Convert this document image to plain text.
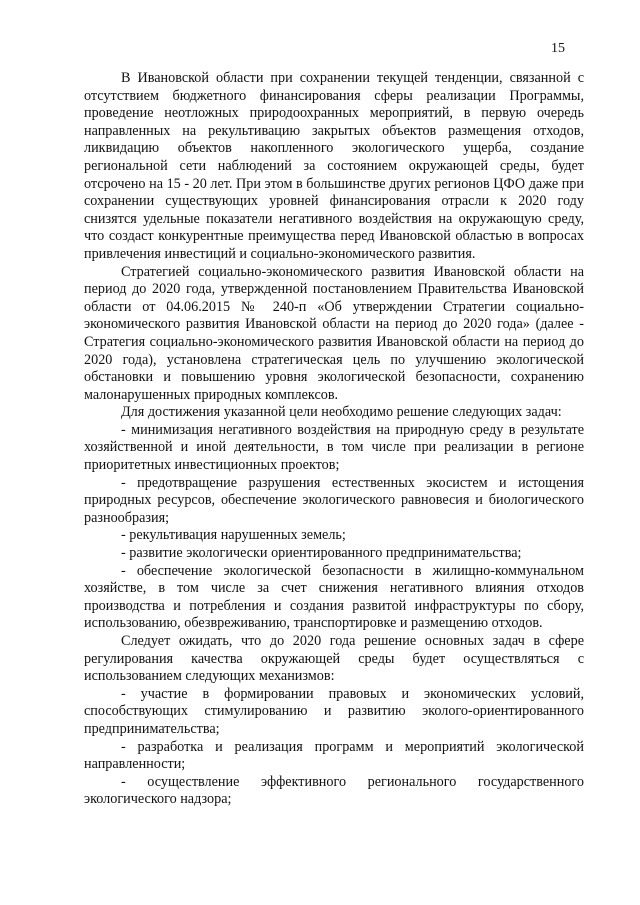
15

В Ивановской области при сохранении текущей тенденции, связанной с отсутствием бюджетного финансирования сферы реализации Программы, проведение неотложных природоохранных мероприятий, в первую очередь направленных на рекультивацию закрытых объектов размещения отходов, ликвидацию объектов накопленного экологического ущерба, создание региональной сети наблюдений за состоянием окружающей среды, будет отсрочено на 15 - 20 лет. При этом в большинстве других регионов ЦФО даже при сохранении существующих уровней финансирования отрасли к 2020 году снизятся удельные показатели негативного воздействия на окружающую среду, что создаст конкурентные преимущества перед Ивановской областью в вопросах привлечения инвестиций и социально-экономического развития.

Стратегией социально-экономического развития Ивановской области на период до 2020 года, утвержденной постановлением Правительства Ивановской области от 04.06.2015 № 240-п «Об утверждении Стратегии социально-экономического развития Ивановской области на период до 2020 года» (далее - Стратегия социально-экономического развития Ивановской области на период до 2020 года), установлена стратегическая цель по улучшению экологической обстановки и повышению уровня экологической безопасности, сохранению малонарушенных природных комплексов.

Для достижения указанной цели необходимо решение следующих задач:

- минимизация негативного воздействия на природную среду в результате хозяйственной и иной деятельности, в том числе при реализации в регионе приоритетных инвестиционных проектов;

- предотвращение разрушения естественных экосистем и истощения природных ресурсов, обеспечение экологического равновесия и биологического разнообразия;

- рекультивация нарушенных земель;

- развитие экологически ориентированного предпринимательства;

- обеспечение экологической безопасности в жилищно-коммунальном хозяйстве, в том числе за счет снижения негативного влияния отходов производства и потребления и создания развитой инфраструктуры по сбору, использованию, обезвреживанию, транспортировке и размещению отходов.

Следует ожидать, что до 2020 года решение основных задач в сфере регулирования качества окружающей среды будет осуществляться с использованием следующих механизмов:

- участие в формировании правовых и экономических условий, способствующих стимулированию и развитию эколого-ориентированного предпринимательства;

- разработка и реализация программ и мероприятий экологической направленности;

- осуществление эффективного регионального государственного экологического надзора;
